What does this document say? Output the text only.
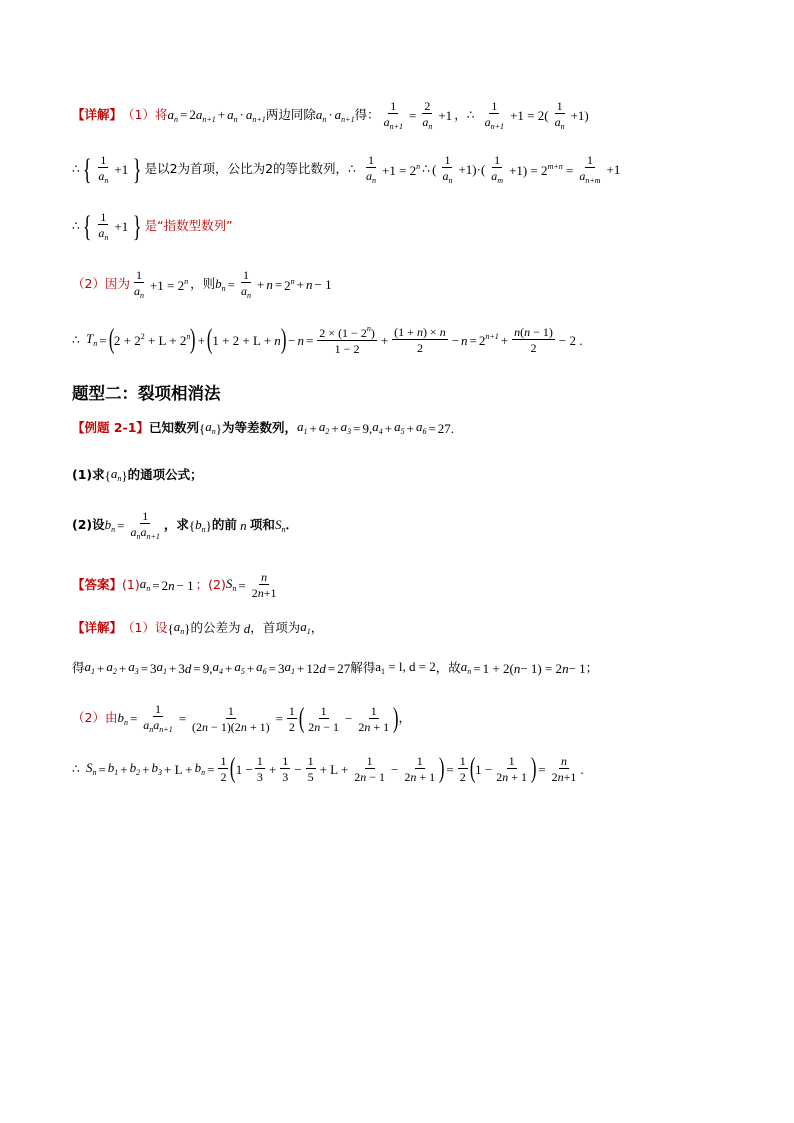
【详解】 （1）将 $a_n = 2a_{n+1} + a_n \cdot a_{n+1}$ 两边同除 $a_n \cdot a_{n+1}$ 得： $\frac{1}{a_{n+1}} = \frac{2}{a_n} +1$ ， ∴ $\frac{1}{a_{n+1}} +1 = 2( \frac{1}{a_n} +1)$
∴ { $\frac{1}{a_n} +1$ } 是以2为首项，公比为2的等比数列， ∴ $\frac{1}{a_n} +1 = 2^n$ ∴ ( $\frac{1}{a_n} +1)\cdot( \frac{1}{a_m} +1) = 2^{m+n} = \frac{1}{a_{n+m}} +1$
∴ { $\frac{1}{a_n} +1$ } 是“指数型数列”
（2）因为 $\frac{1}{a_n} +1 = 2^n$ ，则 $b_n = \frac{1}{a_n} + n = 2^n + n - 1$
∴ $T_n$ = ( $2 + 2^2 + L + 2^n$ ) + ( 1 + 2 + L + n ) − $n = \frac{2 \times (1 - 2^n)}{1 - 2} + \frac{(1 + n) \times n}{2} - n = 2^{n+1} + \frac{n(n - 1)}{2} - 2$ .
题型二：裂项相消法
【例题 2-1】 已知数列 { $a_n$ } 为等差数列， $a_1 + a_2 + a_3 = 9$, $a_4 + a_5 + a_6 = 27$.
(1) 求 { $a_n$ } 的通项公式；
(2) 设 $b_n = \frac{1}{a_na_{n+1}}$ ，求 { $b_n$ } 的前 n 项和 $S_n$ ．
【答案】 (1) $a_n = 2$ n − 1 ；(2) $S_n = \frac{n}{2n+1}$
【详解】 （1）设 { $a_n$ } 的公差为 d ，首项为 $a_1$ ，
得 $a_1 + a_2 + a_3 = 3$ $a_1 + 3$ d = 9, $a_4 + a_5 + a_6 = 3$ $a_1 + 12$ d = 27 解得 $a_1 = l$, d = 2 ，故 $a_n = 1 + 2$( n − 1) = 2 n − 1 ；
（2）由 $b_n = \frac{1}{a_na_{n+1}} = \frac{1}{(2n - 1)(2n + 1)} = \frac{1}{2}$ ( $\frac{1}{2n - 1} - \frac{1}{2n + 1}$ ) ，
∴ $S_n = b_1 + b_2 + b_3 + L + b_n = \frac{1}{2}$ ( $1 - \frac{1}{3} + \frac{1}{3} - \frac{1}{5} + L + \frac{1}{2n - 1} - \frac{1}{2n + 1}$ ) = $\frac{1}{2}$ ( $1 - \frac{1}{2n + 1}$ ) = $\frac{n}{2n+1}$ .
